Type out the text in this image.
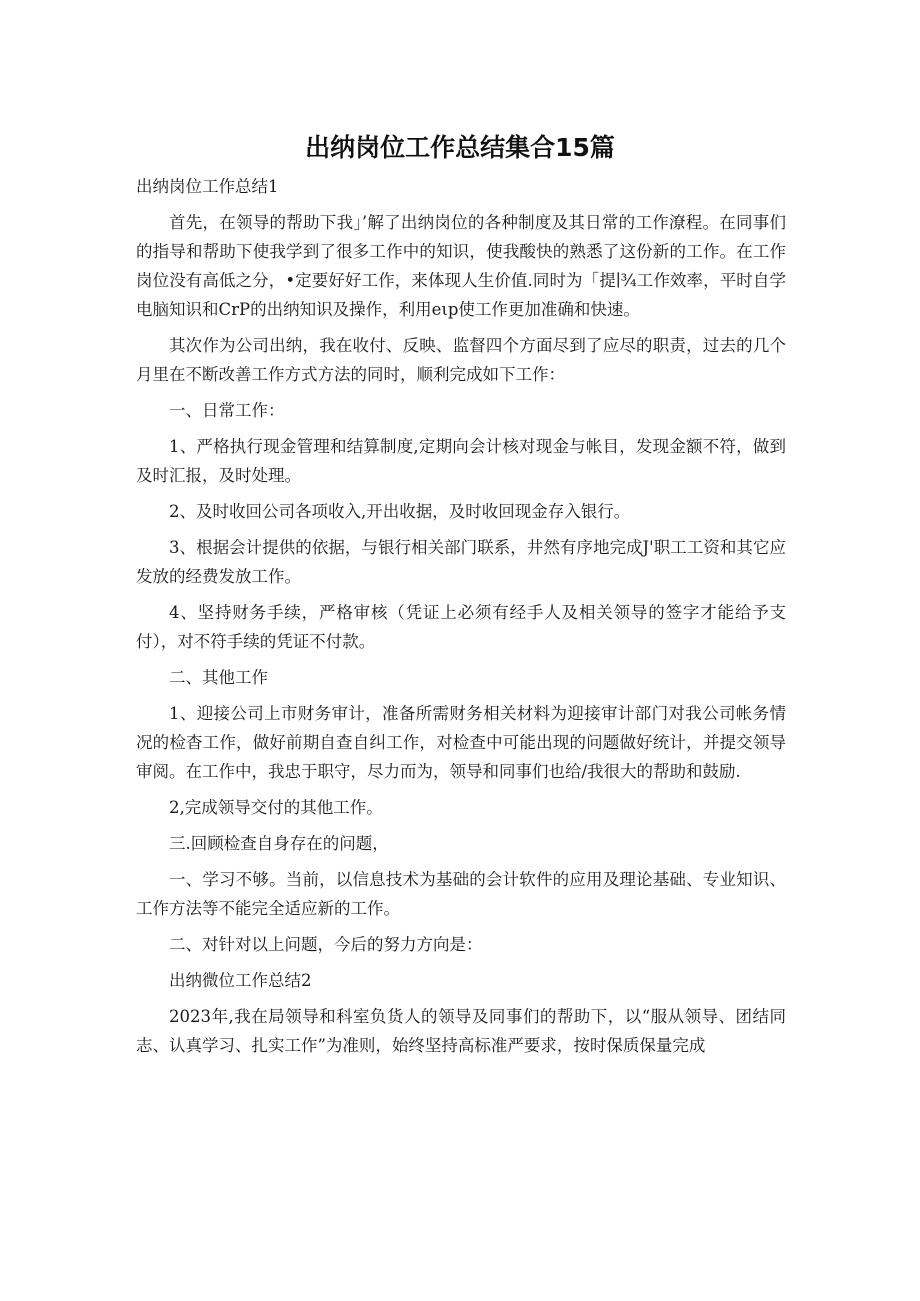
出纳岗位工作总结集合15篇

出纳岗位工作总结1

首先，在领导的帮助下我」’解了出纳岗位的各种制度及其日常的工作潦程。在同事们的指导和帮助下使我学到了很多工作中的知识，使我酸快的熟悉了这份新的工作。在工作岗位没有高低之分，•定要好好工作，来体现人生价值.同时为「提∣¾工作效率，平时自学电脑知识和CrP的出纳知识及操作，利用eιp使工作更加准确和快速。

其次作为公司出纳，我在收付、反映、监督四个方面尽到了应尽的职责，过去的几个月里在不断改善工作方式方法的同时，顺利完成如下工作：

一、日常工作：

1、严格执行现金管理和结算制度,定期向会计核对现金与帐目，发现金额不符，做到及时汇报，及时处理。

2、及时收回公司各项收入,开出收据，及时收回现金存入银行。

3、根据会计提供的依据，与银行相关部门联系，井然有序地完成J'职工工资和其它应发放的经费发放工作。

4、坚持财务手续，严格审核（凭证上必须有经手人及相关领导的签字才能给予支付），对不符手续的凭证不付款。

二、其他工作

1、迎接公司上市财务审计，准备所需财务相关材料为迎接审计部门对我公司帐务情况的检杳工作，做好前期自查自纠工作，对检查中可能出现的问题做好统计，并提交领导审阅。在工作中，我忠于职守，尽力而为，领导和同事们也给/我很大的帮助和鼓励.

2,完成领导交付的其他工作。

三.回顾检查自身存在的问题，

一、学习不够。当前，以信息技术为基础的会计软件的应用及理论基础、专业知识、工作方法等不能完全适应新的工作。

二、对针对以上问题，今后的努力方向是：

出纳微位工作总结2

2023年,我在局领导和科室负货人的领导及同事们的帮助下，以“服从领导、团结同志、认真学习、扎实工作”为准则，始终坚持高标准严要求，按时保质保量完成
